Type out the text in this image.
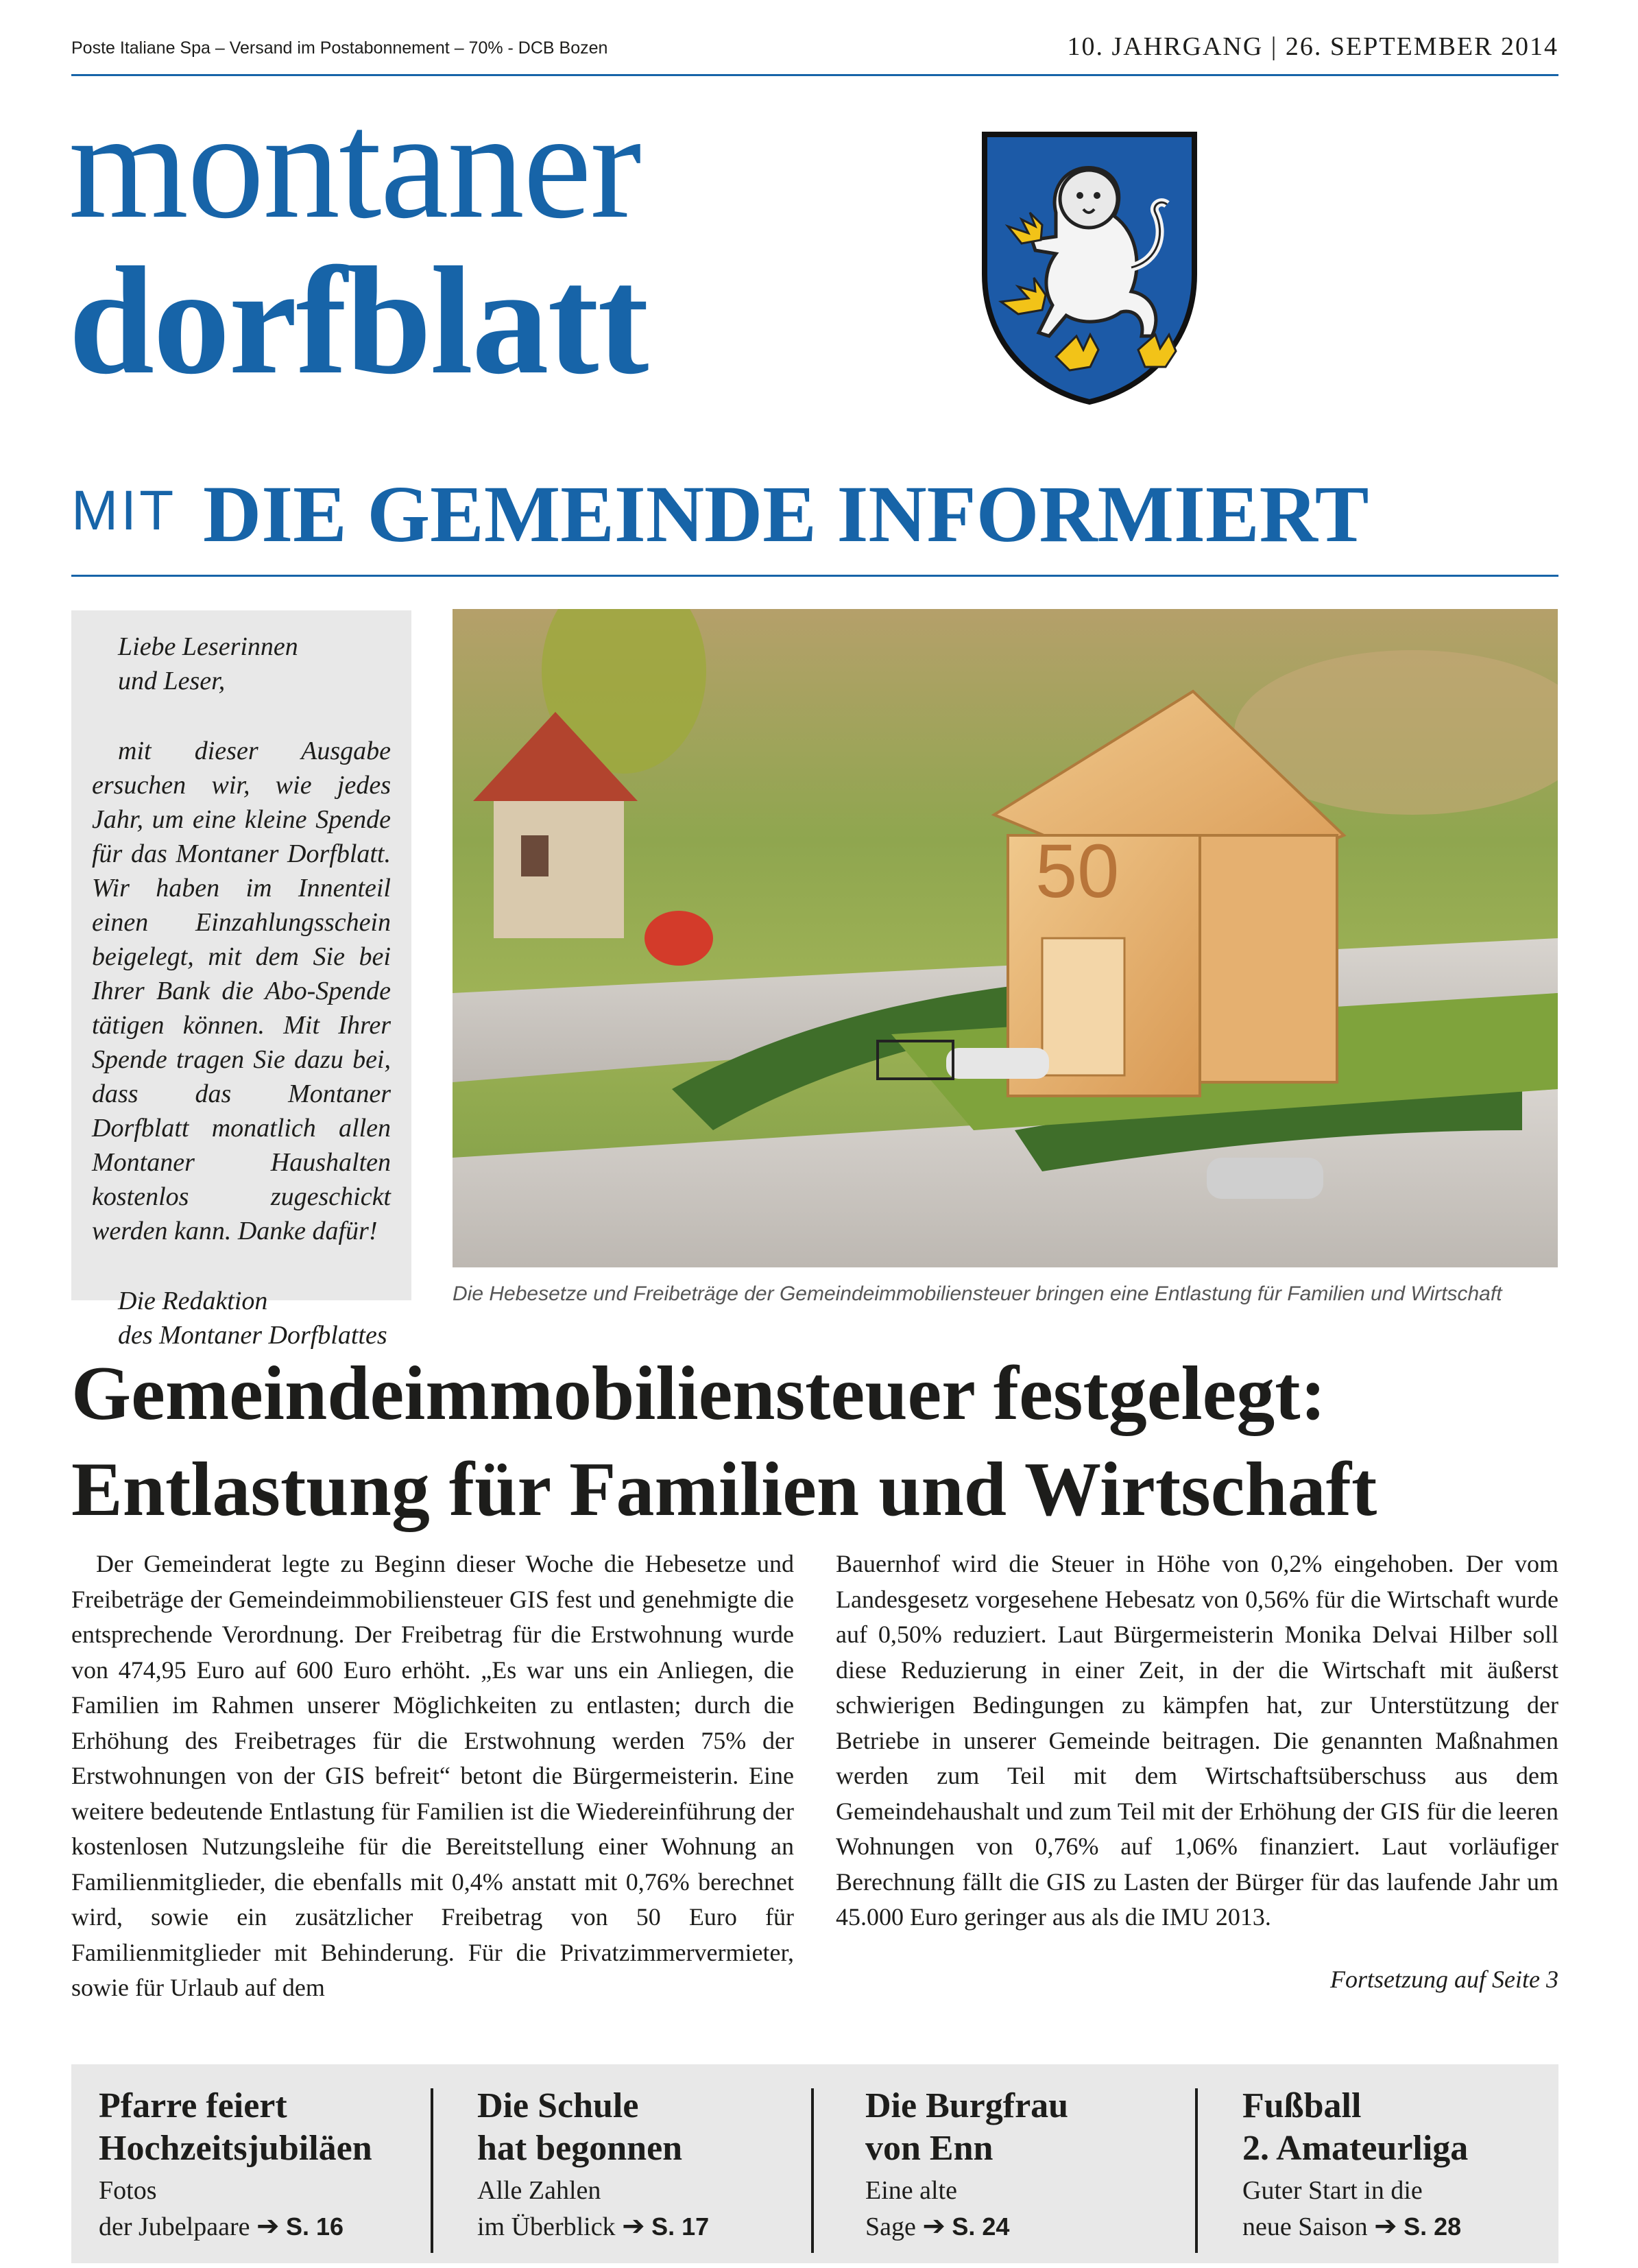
Poste Italiane Spa – Versand im Postabonnement – 70% - DCB Bozen	10. JAHRGANG | 26. SEPTEMBER 2014
montaner
dorfblatt
MIT DIE GEMEINDE INFORMIERT
Liebe Leserinnen
und Leser,
mit dieser Ausgabe ersuchen wir, wie jedes Jahr, um eine kleine Spende für das Montaner Dorfblatt. Wir haben im Innenteil einen Einzahlungsschein beigelegt, mit dem Sie bei Ihrer Bank die Abo-Spende tätigen können. Mit Ihrer Spende tragen Sie dazu bei, dass das Montaner Dorfblatt monatlich allen Montaner Haushalten kostenlos zugeschickt werden kann. Danke dafür!
Die Redaktion
des Montaner Dorfblattes
50
Die Hebesetze und Freibeträge der Gemeindeimmobiliensteuer bringen eine Entlastung für Familien und Wirtschaft
Gemeindeimmobiliensteuer festgelegt:
Entlastung für Familien und Wirtschaft
Der Gemeinderat legte zu Beginn dieser Woche die Hebesetze und Freibeträge der Gemeindeimmobiliensteuer GIS fest und genehmigte die entsprechende Verordnung. Der Freibetrag für die Erstwohnung wurde von 474,95 Euro auf 600 Euro erhöht. „Es war uns ein Anliegen, die Familien im Rahmen unserer Möglichkeiten zu entlasten; durch die Erhöhung des Freibetrages für die Erstwohnung werden 75% der Erstwohnungen von der GIS befreit“ betont die Bürgermeisterin. Eine weitere bedeutende Entlastung für Familien ist die Wiedereinführung der kostenlosen Nutzungsleihe für die Bereitstellung einer Wohnung an Familienmitglieder, die ebenfalls mit 0,4% anstatt mit 0,76% berechnet wird, sowie ein zusätzlicher Freibetrag von 50 Euro für Familienmitglieder mit Behinderung. Für die Privatzimmervermieter, sowie für Urlaub auf dem
Bauernhof wird die Steuer in Höhe von 0,2% eingehoben. Der vom Landesgesetz vorgesehene Hebesatz von 0,56% für die Wirtschaft wurde auf 0,50% reduziert. Laut Bürgermeisterin Monika Delvai Hilber soll diese Reduzierung in einer Zeit, in der die Wirtschaft mit äußerst schwierigen Bedingungen zu kämpfen hat, zur Unterstützung der Betriebe in unserer Gemeinde beitragen. Die genannten Maßnahmen werden zum Teil mit dem Wirtschaftsüberschuss aus dem Gemeindehaushalt und zum Teil mit der Erhöhung der GIS für die leeren Wohnungen von 0,76% auf 1,06% finanziert. Laut vorläufiger Berechnung fällt die GIS zu Lasten der Bürger für das laufende Jahr um 45.000 Euro geringer aus als die IMU 2013.
Fortsetzung auf Seite 3
Pfarre feiert
Hochzeitsjubiläen
Fotos
der Jubelpaare ➔ S. 16
Die Schule
hat begonnen
Alle Zahlen
im Überblick ➔ S. 17
Die Burgfrau
von Enn
Eine alte
Sage ➔ S. 24
Fußball
2. Amateurliga
Guter Start in die
neue Saison ➔ S. 28
